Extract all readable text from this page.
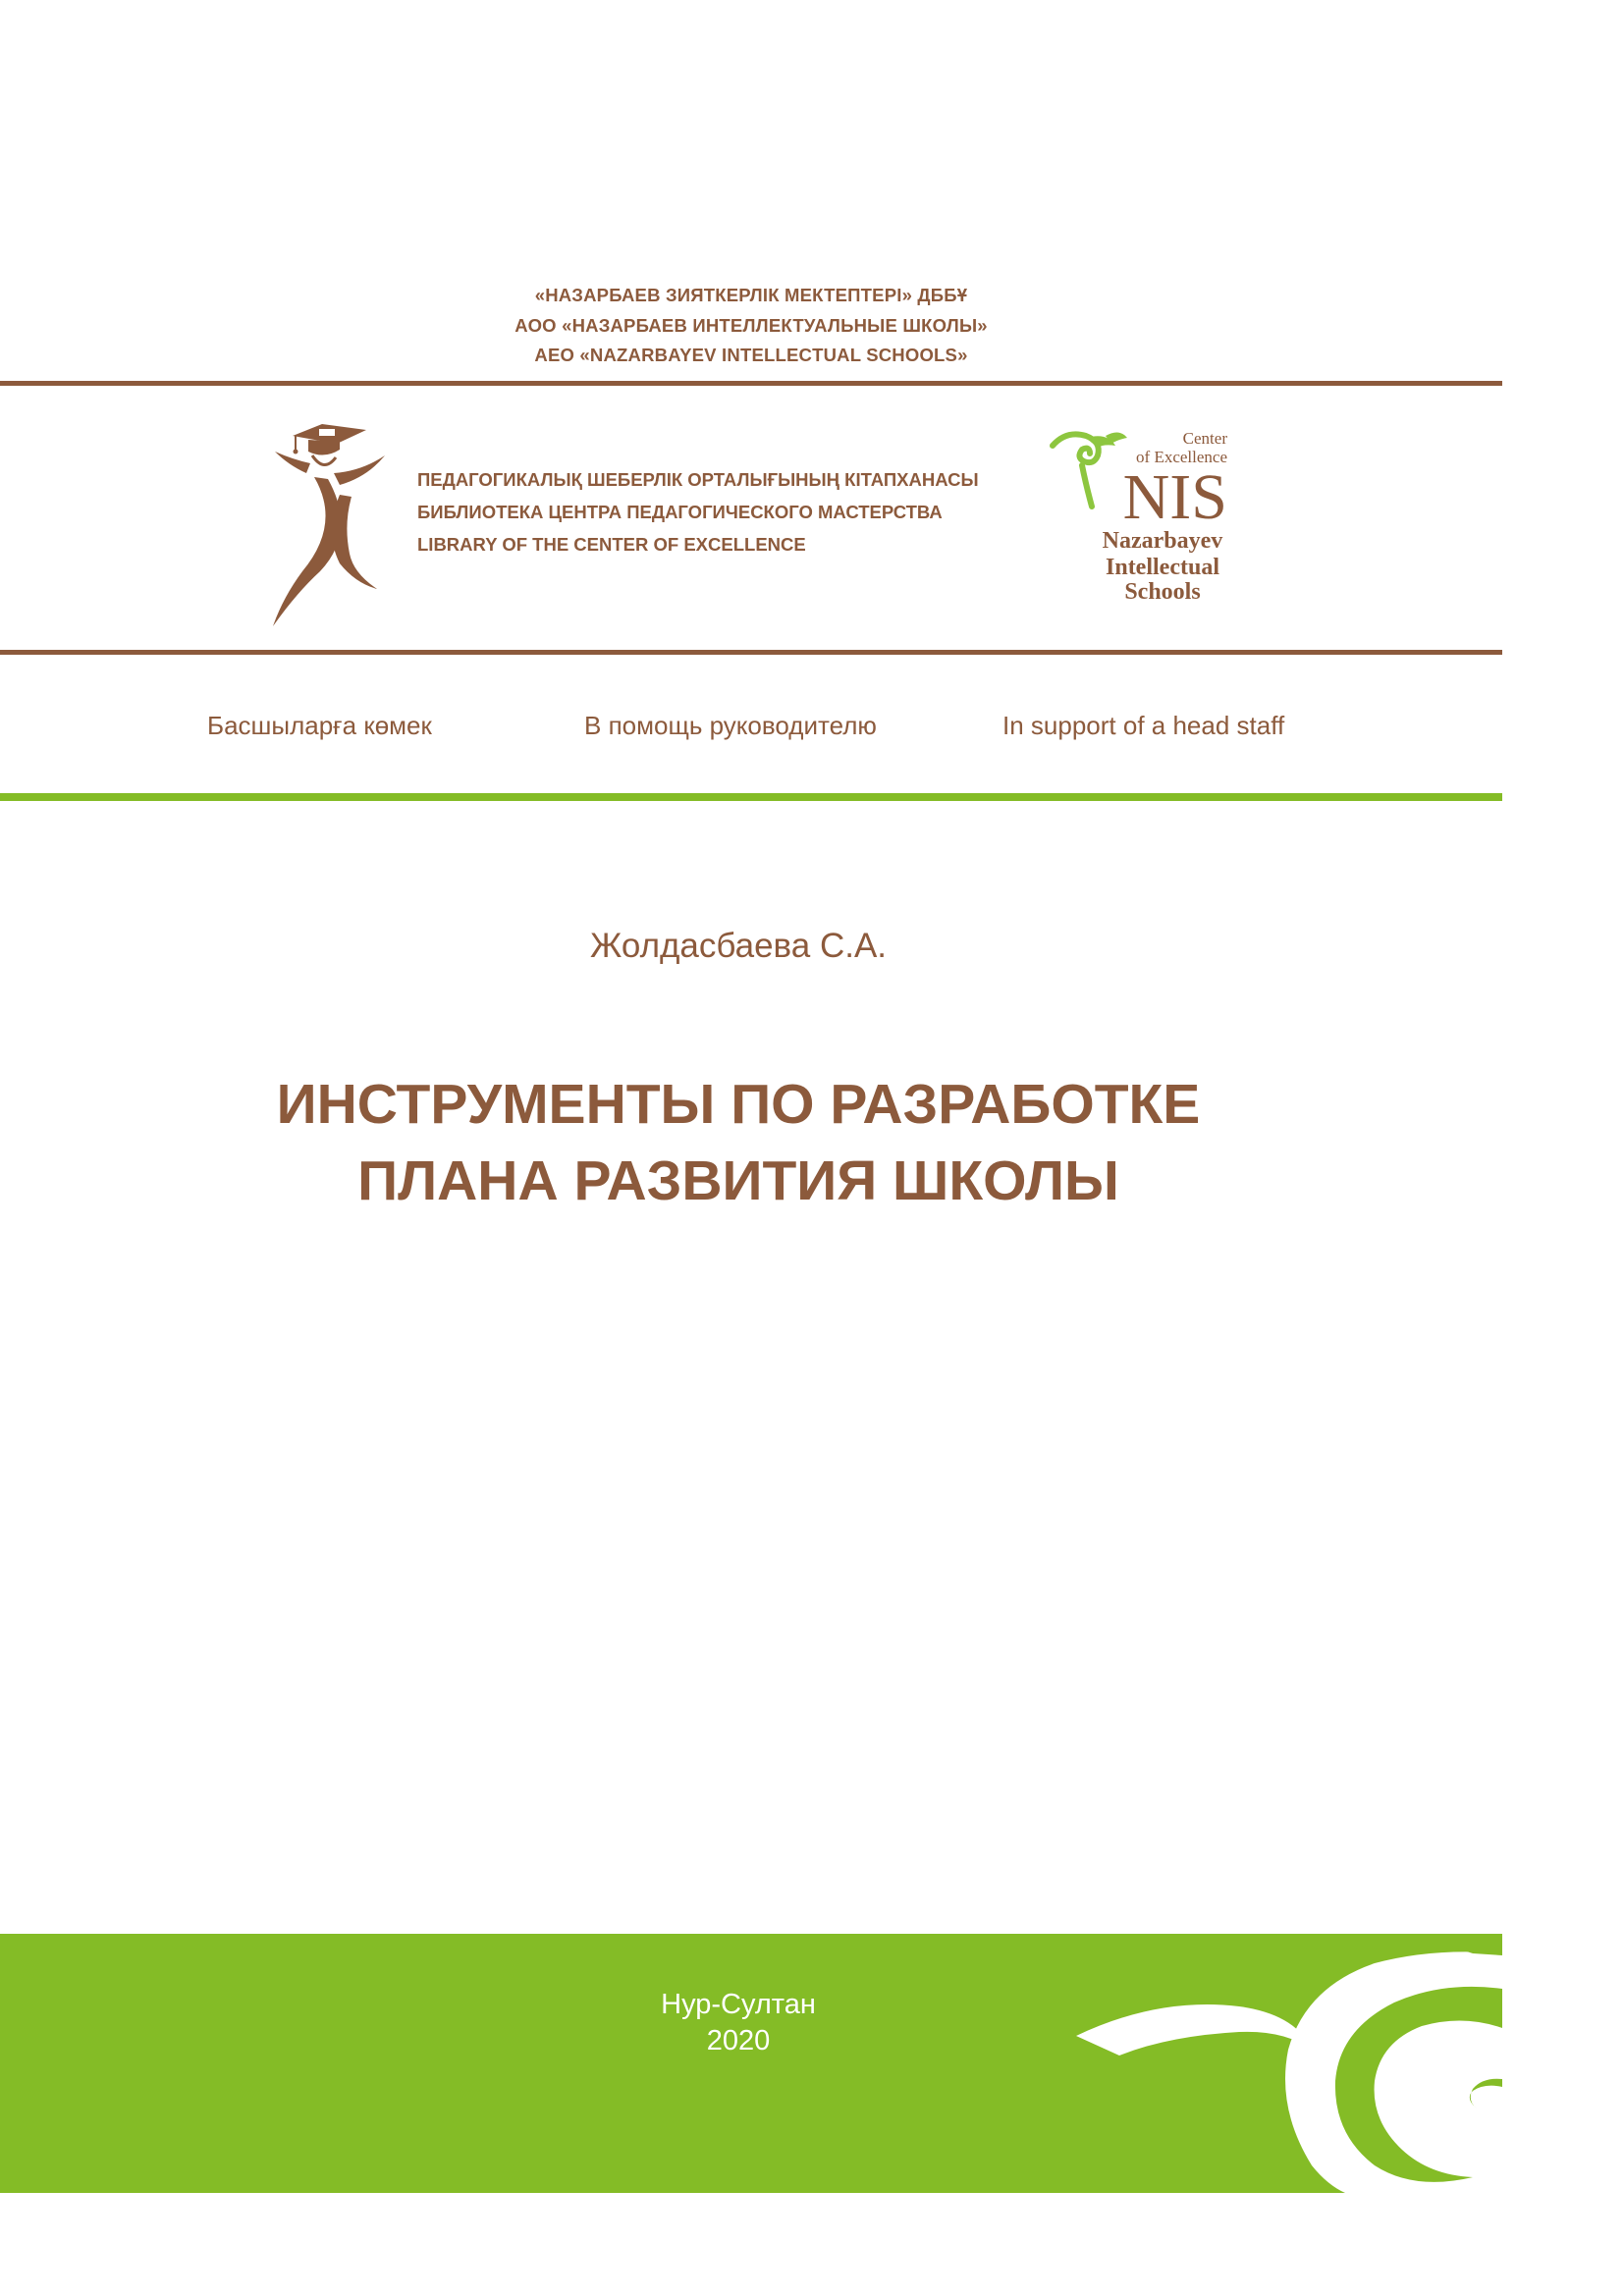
«НАЗАРБАЕВ ЗИЯТКЕРЛІК МЕКТЕПТЕРІ» ДББҰ
АОО «НАЗАРБАЕВ ИНТЕЛЛЕКТУАЛЬНЫЕ ШКОЛЫ»
AEO «NAZARBAYEV INTELLECTUAL SCHOOLS»
ПЕДАГОГИКАЛЫҚ ШЕБЕРЛІК ОРТАЛЫҒЫНЫҢ КІТАПХАНАСЫ
БИБЛИОТЕКА ЦЕНТРА ПЕДАГОГИЧЕСКОГО МАСТЕРСТВА
LIBRARY OF THE CENTER OF EXCELLENCE
Center
of Excellence
NIS
Nazarbayev
Intellectual
Schools
Басшыларға көмек	В помощь руководителю	In support of a head staff
Жолдасбаева С.А.
ИНСТРУМЕНТЫ ПО РАЗРАБОТКЕ
ПЛАНА РАЗВИТИЯ ШКОЛЫ
Нур-Султан
2020
